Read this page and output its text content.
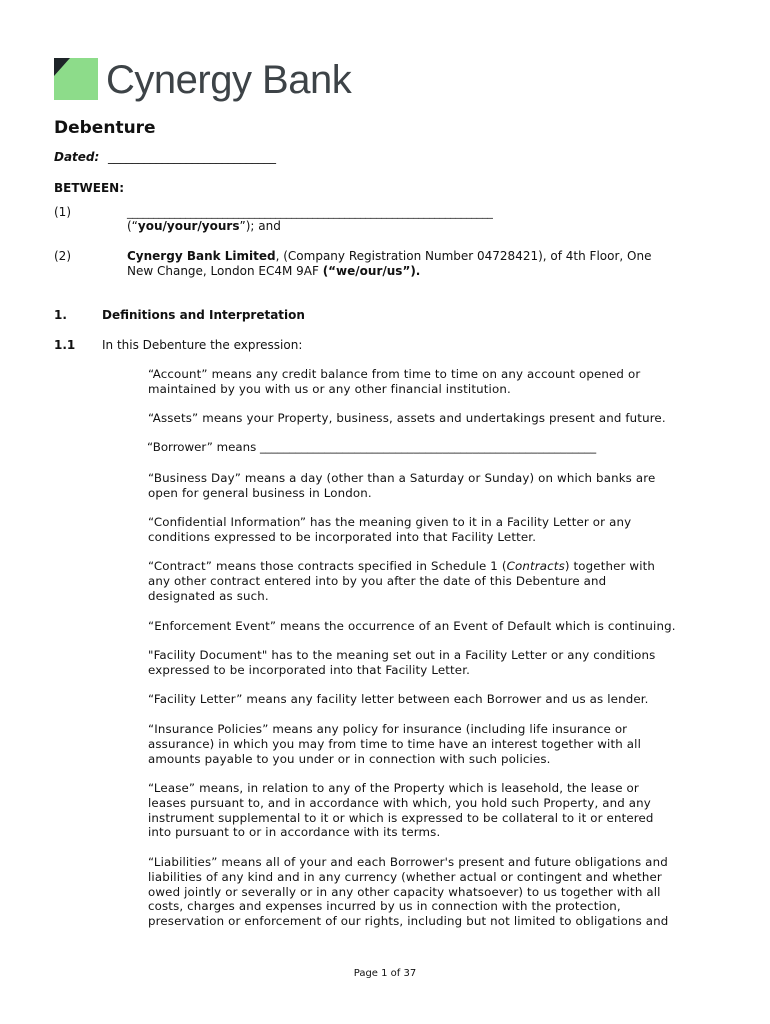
Cynergy Bank
Debenture
Dated: ____________________________
BETWEEN:
(1)	_____________________________________________________________________
(“you/your/yours”); and
(2)	Cynergy Bank Limited, (Company Registration Number 04728421), of 4th Floor, One
New Change, London EC4M 9AF (“we/our/us”).
1.	Definitions and Interpretation
1.1 In this Debenture the expression:
“Account” means any credit balance from time to time on any account opened or
maintained by you with us or any other financial institution.
“Assets” means your Property, business, assets and undertakings present and future.
“Borrower” means _________________________________________________________
“Business Day” means a day (other than a Saturday or Sunday) on which banks are
open for general business in London.
“Confidential Information” has the meaning given to it in a Facility Letter or any
conditions expressed to be incorporated into that Facility Letter.
“Contract” means those contracts specified in Schedule 1 (Contracts) together with
any other contract entered into by you after the date of this Debenture and
designated as such.
“Enforcement Event” means the occurrence of an Event of Default which is continuing.
"Facility Document" has to the meaning set out in a Facility Letter or any conditions
expressed to be incorporated into that Facility Letter.
“Facility Letter” means any facility letter between each Borrower and us as lender.
“Insurance Policies” means any policy for insurance (including life insurance or
assurance) in which you may from time to time have an interest together with all
amounts payable to you under or in connection with such policies.
“Lease” means, in relation to any of the Property which is leasehold, the lease or
leases pursuant to, and in accordance with which, you hold such Property, and any
instrument supplemental to it or which is expressed to be collateral to it or entered
into pursuant to or in accordance with its terms.
“Liabilities” means all of your and each Borrower's present and future obligations and
liabilities of any kind and in any currency (whether actual or contingent and whether
owed jointly or severally or in any other capacity whatsoever) to us together with all
costs, charges and expenses incurred by us in connection with the protection,
preservation or enforcement of our rights, including but not limited to obligations and
Page 1 of 37
